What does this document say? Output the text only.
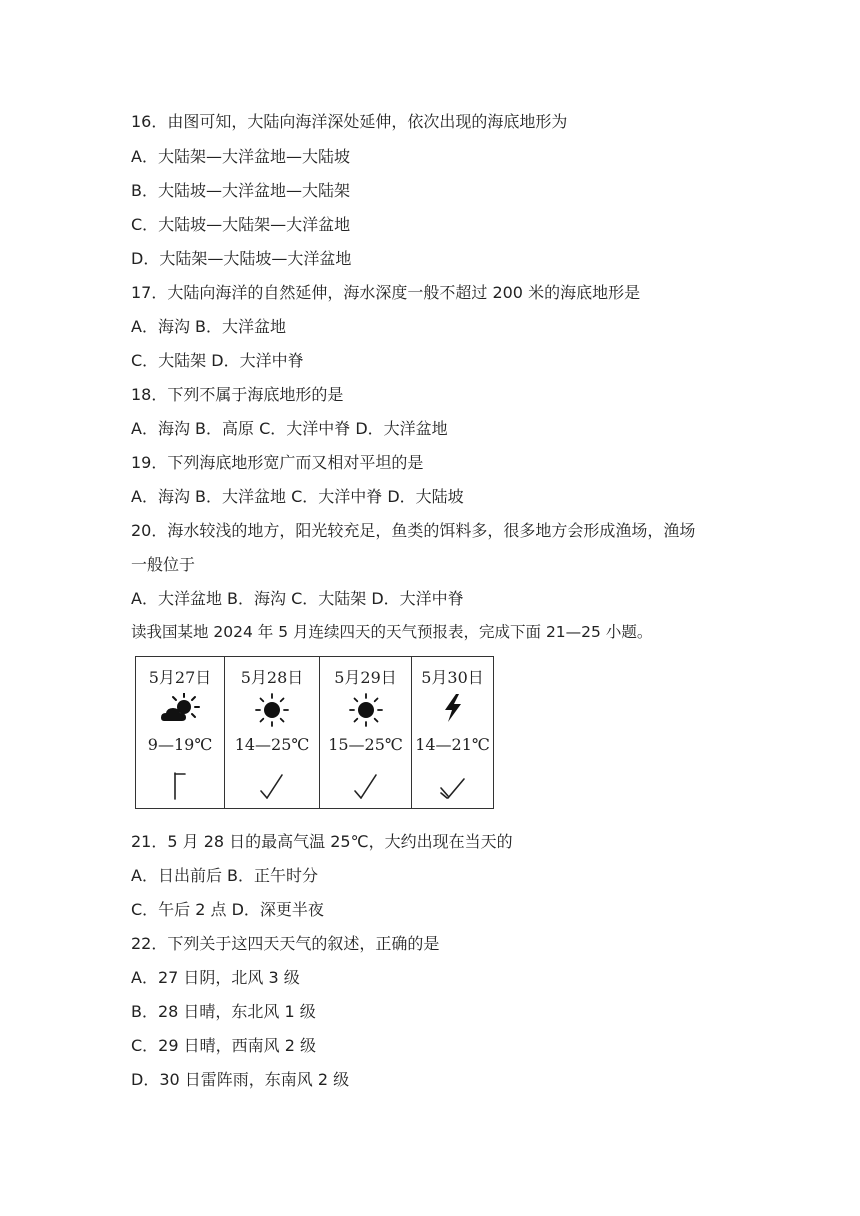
16．由图可知，大陆向海洋深处延伸，依次出现的海底地形为
A．大陆架—大洋盆地—大陆坡
B．大陆坡—大洋盆地—大陆架
C．大陆坡—大陆架—大洋盆地
D．大陆架—大陆坡—大洋盆地
17．大陆向海洋的自然延伸，海水深度一般不超过 200 米的海底地形是
A．海沟 B．大洋盆地
C．大陆架 D．大洋中脊
18．下列不属于海底地形的是
A．海沟 B．高原 C．大洋中脊 D．大洋盆地
19．下列海底地形宽广而又相对平坦的是
A．海沟 B．大洋盆地 C．大洋中脊 D．大陆坡
20．海水较浅的地方，阳光较充足，鱼类的饵料多，很多地方会形成渔场，渔场
一般位于
A．大洋盆地 B．海沟 C．大陆架 D．大洋中脊
读我国某地 2024 年 5 月连续四天的天气预报表，完成下面 21—25 小题。
5月27日
9—19℃
5月28日
14—25℃
5月29日
15—25℃
5月30日
14—21℃
21．5 月 28 日的最高气温 25℃，大约出现在当天的
A．日出前后 B．正午时分
C．午后 2 点 D．深更半夜
22．下列关于这四天天气的叙述，正确的是
A．27 日阴，北风 3 级
B．28 日晴，东北风 1 级
C．29 日晴，西南风 2 级
D．30 日雷阵雨，东南风 2 级
